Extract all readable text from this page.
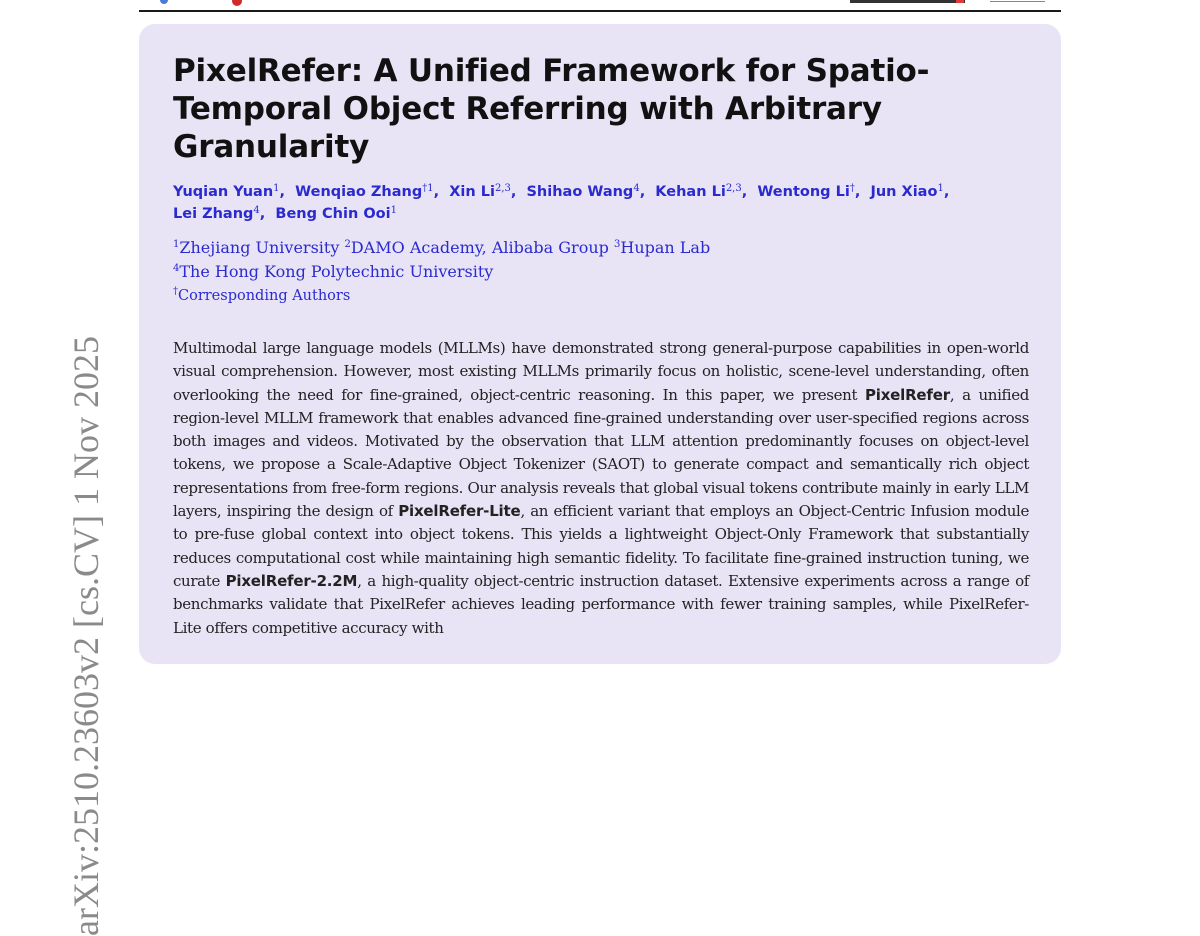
arXiv:2510.23603v2 [cs.CV] 1 Nov 2025
PixelRefer: A Unified Framework for Spatio-Temporal Object Referring with Arbitrary Granularity
Yuqian Yuan$^1$,  Wenqiao Zhang$^{\dagger 1}$,  Xin Li$^{2,3}$,  Shihao Wang$^4$,  Kehan Li$^{2,3}$,  Wentong Li†,  Jun Xiao$^1$,
Lei Zhang$^4$,  Beng Chin Ooi$^1$
$^1$Zhejiang University $^2$DAMO Academy, Alibaba Group $^3$Hupan Lab
$^4$The Hong Kong Polytechnic University
†Corresponding Authors

Multimodal large language models (MLLMs) have demonstrated strong general-purpose capabilities in open-world visual comprehension. However, most existing MLLMs primarily focus on holistic, scene-level understanding, often overlooking the need for fine-grained, object-centric reasoning. In this paper, we present PixelRefer, a unified region-level MLLM framework that enables advanced fine-grained understanding over user-specified regions across both images and videos. Motivated by the observation that LLM attention predominantly focuses on object-level tokens, we propose a Scale-Adaptive Object Tokenizer (SAOT) to generate compact and semantically rich object representations from free-form regions. Our analysis reveals that global visual tokens contribute mainly in early LLM layers, inspiring the design of PixelRefer-Lite, an efficient variant that employs an Object-Centric Infusion module to pre-fuse global context into object tokens. This yields a lightweight Object-Only Framework that substantially reduces computational cost while maintaining high semantic fidelity. To facilitate fine-grained instruction tuning, we curate PixelRefer-2.2M, a high-quality object-centric instruction dataset. Extensive experiments across a range of benchmarks validate that PixelRefer achieves leading performance with fewer training samples, while PixelRefer-Lite offers competitive accuracy with
